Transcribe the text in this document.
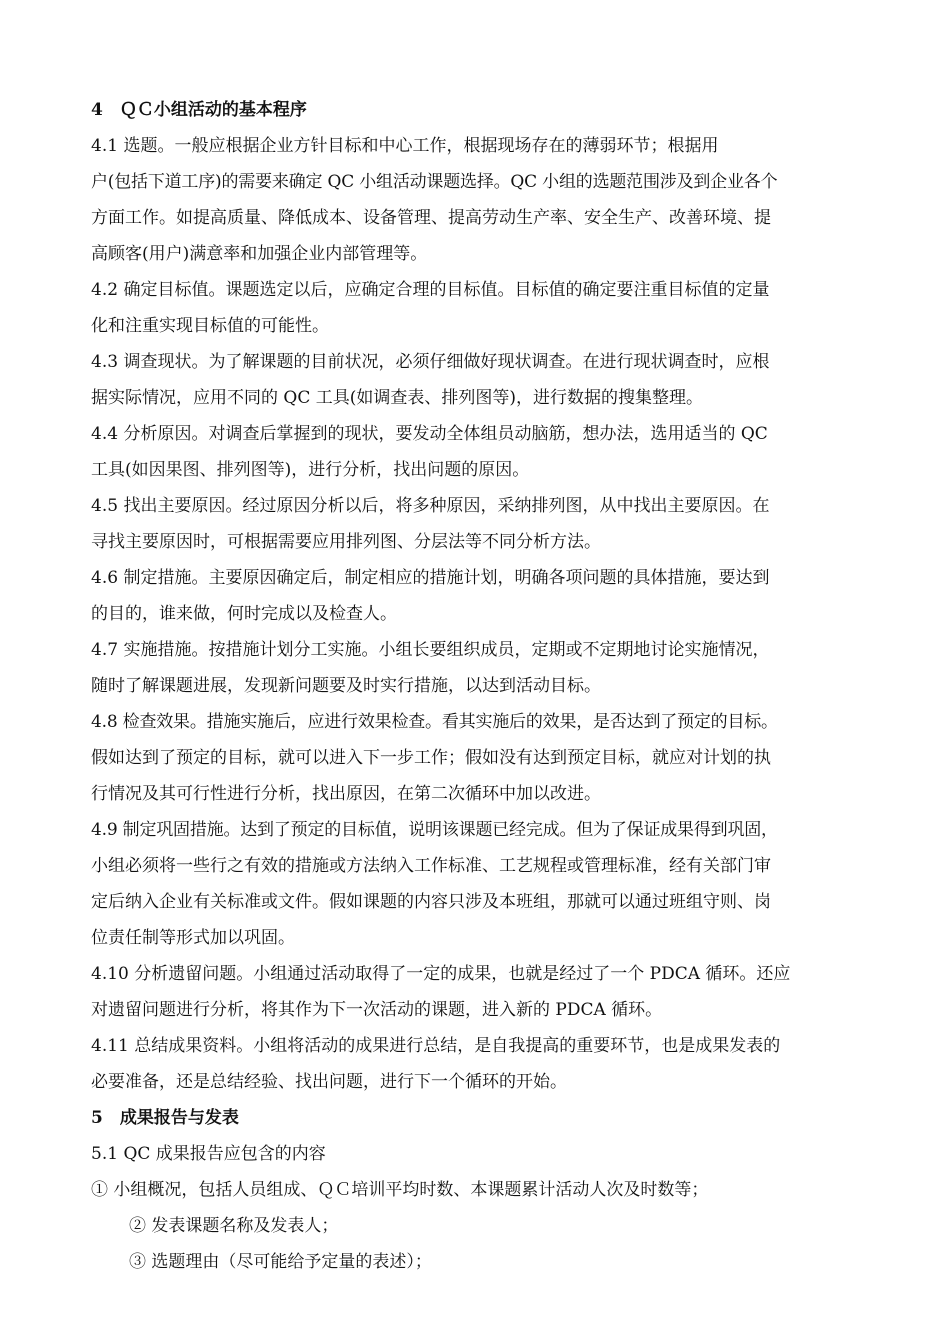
4　ＱＣ小组活动的基本程序
4.1 选题。一般应根据企业方针目标和中心工作，根据现场存在的薄弱环节；根据用
户(包括下道工序)的需要来确定 QC 小组活动课题选择。QC 小组的选题范围涉及到企业各个
方面工作。如提高质量、降低成本、设备管理、提高劳动生产率、安全生产、改善环境、提
高顾客(用户)满意率和加强企业内部管理等。
4.2 确定目标值。课题选定以后，应确定合理的目标值。目标值的确定要注重目标值的定量
化和注重实现目标值的可能性。
4.3 调查现状。为了解课题的目前状况，必须仔细做好现状调查。在进行现状调查时，应根
据实际情况，应用不同的 QC 工具(如调查表、排列图等)，进行数据的搜集整理。
4.4 分析原因。对调查后掌握到的现状，要发动全体组员动脑筋，想办法，选用适当的 QC
工具(如因果图、排列图等)，进行分析，找出问题的原因。
4.5 找出主要原因。经过原因分析以后，将多种原因，采纳排列图，从中找出主要原因。在
寻找主要原因时，可根据需要应用排列图、分层法等不同分析方法。
4.6 制定措施。主要原因确定后，制定相应的措施计划，明确各项问题的具体措施，要达到
的目的，谁来做，何时完成以及检查人。
4.7 实施措施。按措施计划分工实施。小组长要组织成员，定期或不定期地讨论实施情况，
随时了解课题进展，发现新问题要及时实行措施，以达到活动目标。
4.8 检查效果。措施实施后，应进行效果检查。看其实施后的效果，是否达到了预定的目标。
假如达到了预定的目标，就可以进入下一步工作；假如没有达到预定目标，就应对计划的执
行情况及其可行性进行分析，找出原因，在第二次循环中加以改进。
4.9 制定巩固措施。达到了预定的目标值，说明该课题已经完成。但为了保证成果得到巩固，
小组必须将一些行之有效的措施或方法纳入工作标准、工艺规程或管理标准，经有关部门审
定后纳入企业有关标准或文件。假如课题的内容只涉及本班组，那就可以通过班组守则、岗
位责任制等形式加以巩固。
4.10 分析遗留问题。小组通过活动取得了一定的成果，也就是经过了一个 PDCA 循环。还应
对遗留问题进行分析，将其作为下一次活动的课题，进入新的 PDCA 循环。
4.11 总结成果资料。小组将活动的成果进行总结，是自我提高的重要环节，也是成果发表的
必要准备，还是总结经验、找出问题，进行下一个循环的开始。
5　成果报告与发表
5.1 QC 成果报告应包含的内容
① 小组概况，包括人员组成、ＱＣ培训平均时数、本课题累计活动人次及时数等；
② 发表课题名称及发表人；
③ 选题理由（尽可能给予定量的表述）；
